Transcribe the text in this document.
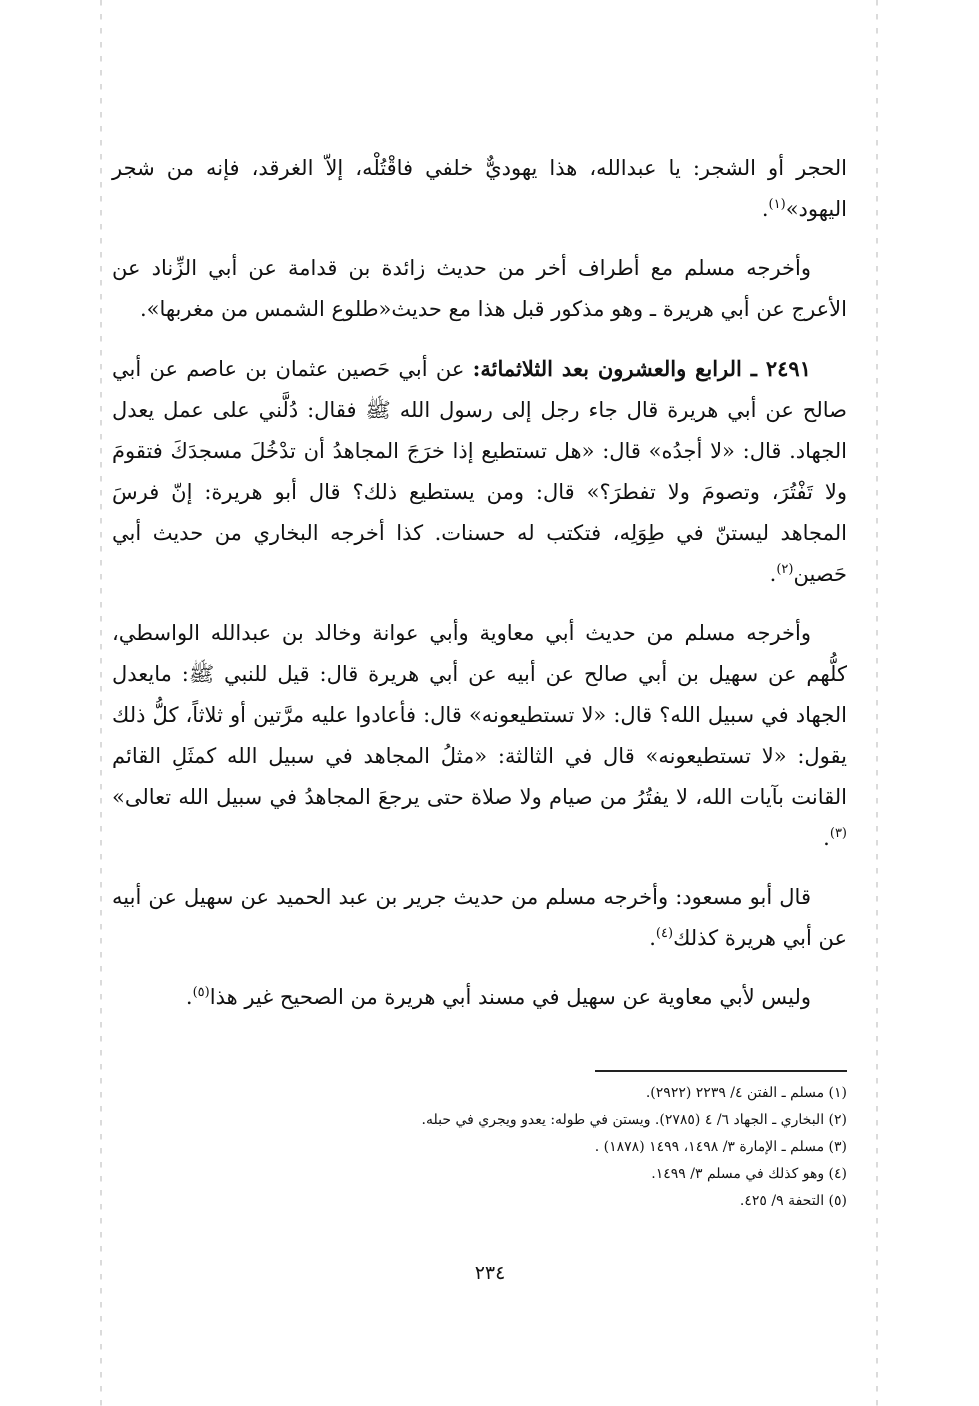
الحجر أو الشجر: يا عبدالله، هذا يهوديٌّ خلفي فاقْتُلْه، إلاّ الغرقد، فإنه من شجر اليهود»$^{(١)}$.

وأخرجه مسلم مع أطراف أخر من حديث زائدة بن قدامة عن أبي الزِّناد عن الأعرج عن أبي هريرة ـ وهو مذكور قبل هذا مع حديث«طلوع الشمس من مغربها».

٢٤٩١ ـ الرابع والعشرون بعد الثلاثمائة: عن أبي حَصين عثمان بن عاصم عن أبي صالح عن أبي هريرة قال جاء رجل إلى رسول الله ﷺ فقال: دُلَّني على عمل يعدل الجهاد. قال: «لا أجدُه» قال: «هل تستطيع إذا خرَجَ المجاهدُ أن تدْخُلَ مسجدَكَ فتقومَ ولا تَفْتُرَ، وتصومَ ولا تفطرَ؟» قال: ومن يستطيع ذلك؟ قال أبو هريرة: إنّ فرسَ المجاهد ليستنّ في طِوَلِه، فتكتب له حسنات. كذا أخرجه البخاري من حديث أبي حَصين$^{(٢)}$.

وأخرجه مسلم من حديث أبي معاوية وأبي عوانة وخالد بن عبدالله الواسطي، كلُّهم عن سهيل بن أبي صالح عن أبيه عن أبي هريرة قال: قيل للنبي ﷺ: مايعدل الجهاد في سبيل الله؟ قال: «لا تستطيعونه» قال: فأعادوا عليه مرَّتين أو ثلاثاً، كلُّ ذلك يقول: «لا تستطيعونه» قال في الثالثة: «مثلُ المجاهد في سبيل الله كمثَلِ القائم القانت بآيات الله، لا يفتُرُ من صيام ولا صلاة حتى يرجعَ المجاهدُ في سبيل الله تعالى» $^{(٣)}$.

قال أبو مسعود: وأخرجه مسلم من حديث جرير بن عبد الحميد عن سهيل عن أبيه عن أبي هريرة كذلك$^{(٤)}$.

وليس لأبي معاوية عن سهيل في مسند أبي هريرة من الصحيح غير هذا$^{(٥)}$.

(١) مسلم ـ الفتن ٤/ ٢٢٣٩ (٢٩٢٢).

(٢) البخاري ـ الجهاد ٦/ ٤ (٢٧٨٥). ويستن في طوله: يعدو ويجري في حبله.

(٣) مسلم ـ الإمارة ٣/ ١٤٩٨، ١٤٩٩ (١٨٧٨) .

(٤) وهو كذلك في مسلم ٣/ ١٤٩٩.

(٥) التحفة ٩/ ٤٢٥.

٢٣٤
